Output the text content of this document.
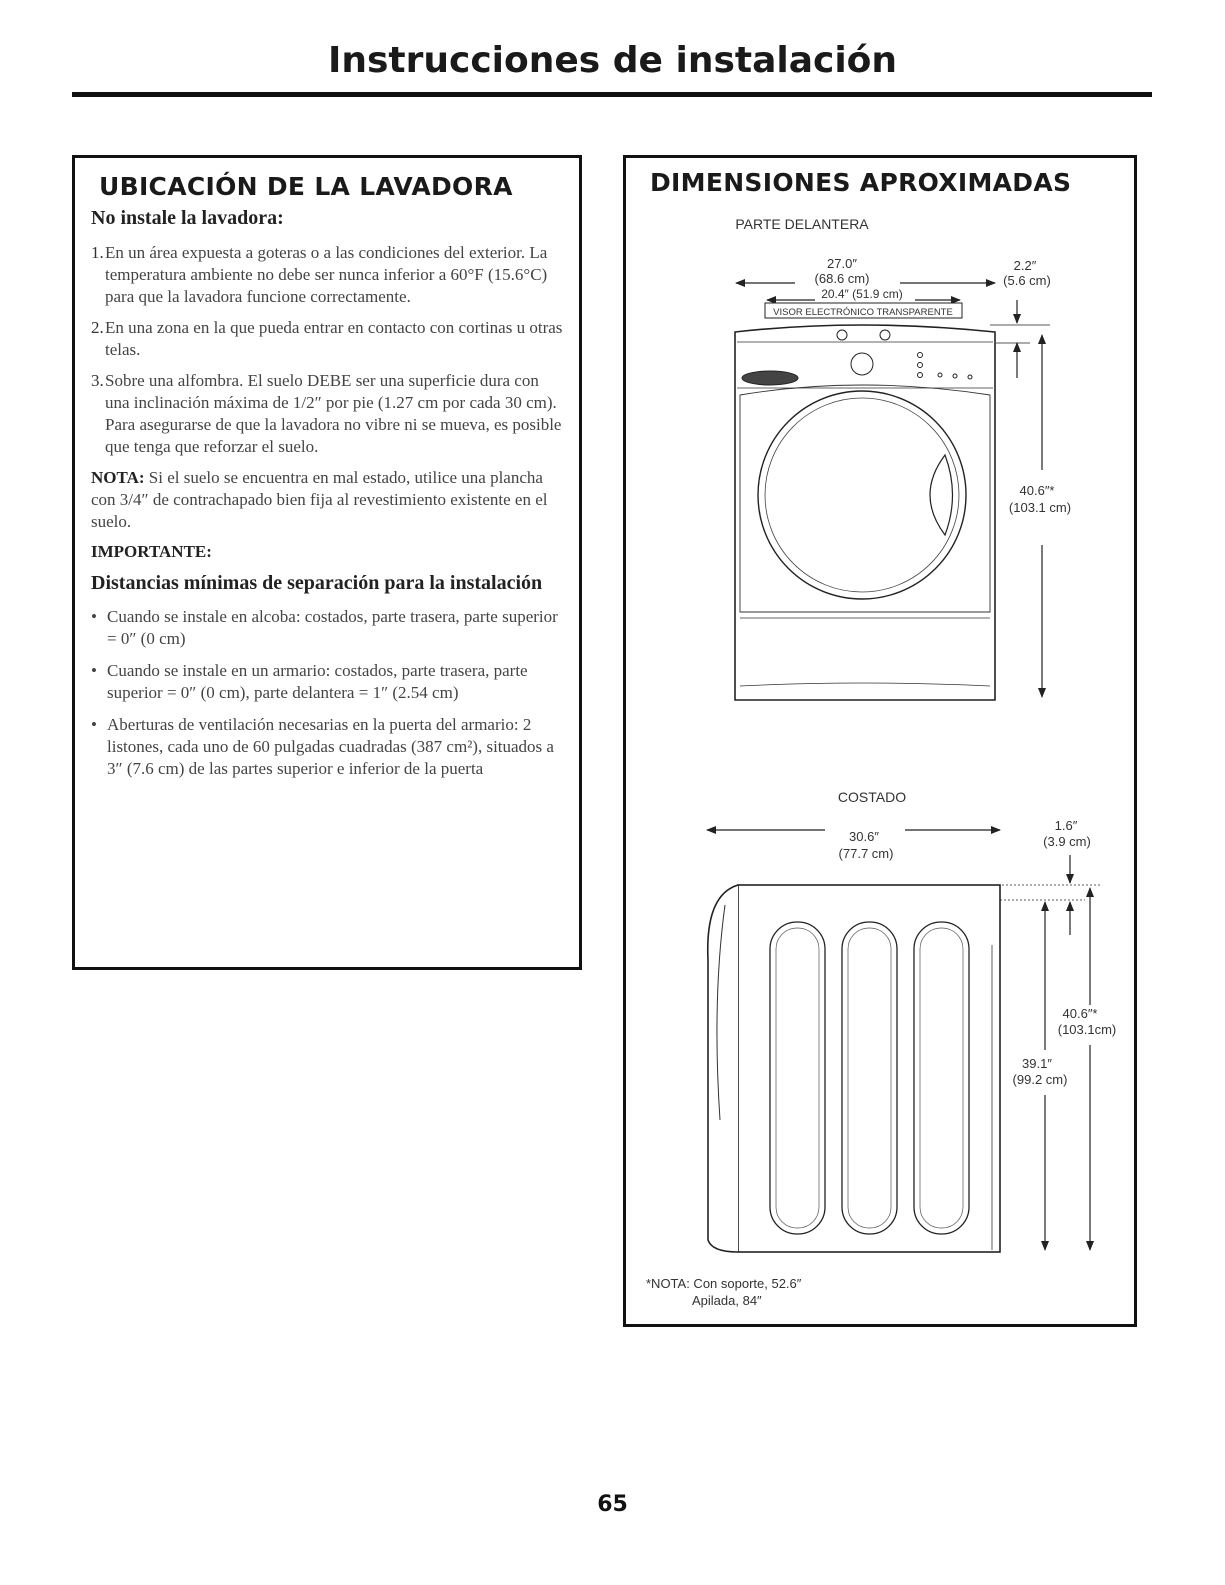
Instrucciones de instalación
UBICACIÓN DE LA LAVADORA
No instale la lavadora:
1. En un área expuesta a goteras o a las condiciones del exterior. La temperatura ambiente no debe ser nunca inferior a 60°F (15.6°C) para que la lavadora funcione correctamente.
2. En una zona en la que pueda entrar en contacto con cortinas u otras telas.
3. Sobre una alfombra. El suelo DEBE ser una superficie dura con una inclinación máxima de 1/2″ por pie (1.27 cm por cada 30 cm). Para asegurarse de que la lavadora no vibre ni se mueva, es posible que tenga que reforzar el suelo.

NOTA: Si el suelo se encuentra en mal estado, utilice una plancha con 3/4″ de contrachapado bien fija al revestimiento existente en el suelo.

IMPORTANTE:
Distancias mínimas de separación para la instalación
• Cuando se instale en alcoba: costados, parte trasera, parte superior = 0″ (0 cm)
• Cuando se instale en un armario: costados, parte trasera, parte superior = 0″ (0 cm), parte delantera = 1″ (2.54 cm)
• Aberturas de ventilación necesarias en la puerta del armario: 2 listones, cada uno de 60 pulgadas cuadradas (387 cm²), situados a 3″ (7.6 cm) de las partes superior e inferior de la puerta
DIMENSIONES APROXIMADAS
PARTE DELANTERA
27.0″
(68.6 cm)
20.4″ (51.9 cm)
VISOR ELECTRÓNICO TRANSPARENTE
2.2″
(5.6 cm)
40.6″*
(103.1 cm)
COSTADO
30.6″
(77.7 cm)
1.6″
(3.9 cm)
40.6″*
(103.1cm)
39.1″
(99.2 cm)
*NOTA: Con soporte, 52.6″
Apilada, 84″
65
